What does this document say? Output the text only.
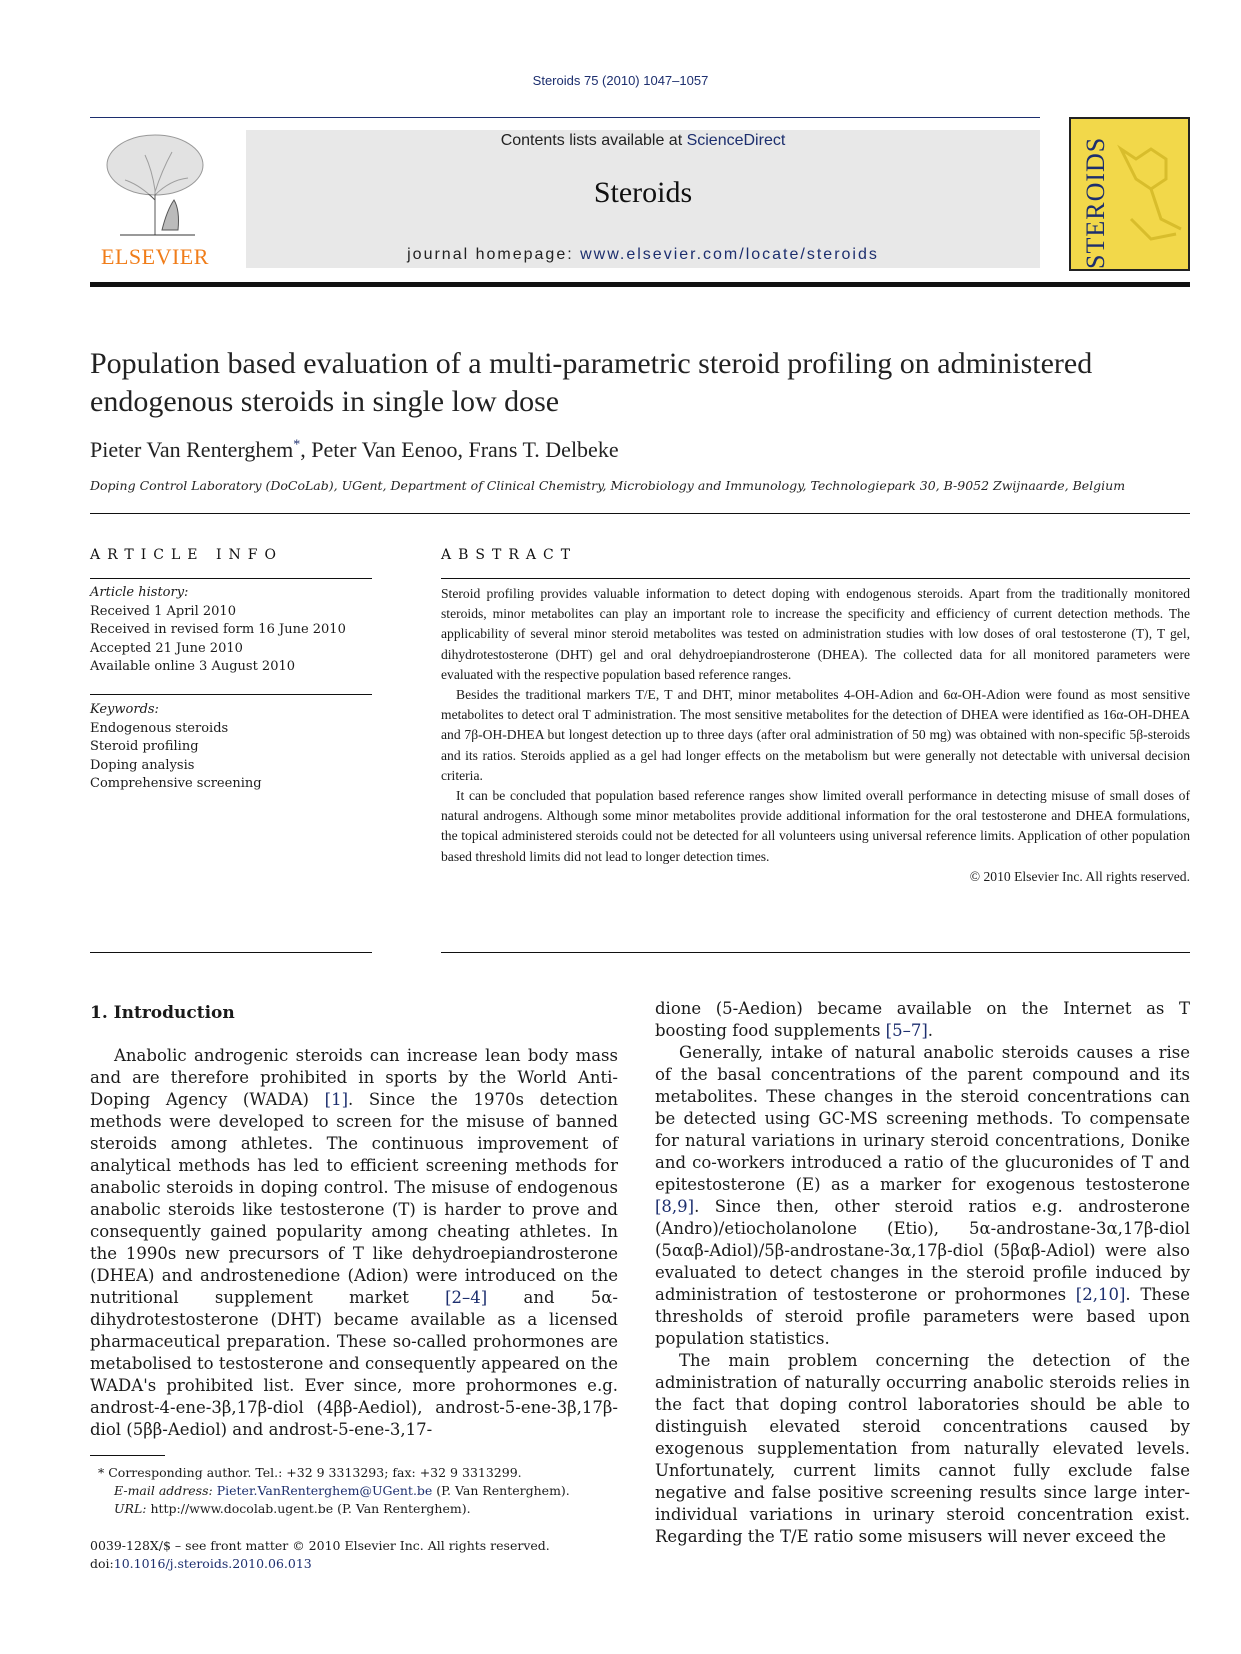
Steroids 75 (2010) 1047–1057
ELSEVIER
Contents lists available at ScienceDirect
Steroids
journal homepage: www.elsevier.com/locate/steroids	STEROIDS
Population based evaluation of a multi-parametric steroid profiling on administered endogenous steroids in single low dose
Pieter Van Renterghem*, Peter Van Eenoo, Frans T. Delbeke
Doping Control Laboratory (DoCoLab), UGent, Department of Clinical Chemistry, Microbiology and Immunology, Technologiepark 30, B-9052 Zwijnaarde, Belgium
ARTICLE INFO	ABSTRACT
Article history:
Received 1 April 2010
Received in revised form 16 June 2010
Accepted 21 June 2010
Available online 3 August 2010
Keywords:
Endogenous steroids
Steroid profiling
Doping analysis
Comprehensive screening

Steroid profiling provides valuable information to detect doping with endogenous steroids. Apart from the traditionally monitored steroids, minor metabolites can play an important role to increase the specificity and efficiency of current detection methods. The applicability of several minor steroid metabolites was tested on administration studies with low doses of oral testosterone (T), T gel, dihydrotestosterone (DHT) gel and oral dehydroepiandrosterone (DHEA). The collected data for all monitored parameters were evaluated with the respective population based reference ranges.

Besides the traditional markers T/E, T and DHT, minor metabolites 4-OH-Adion and 6α-OH-Adion were found as most sensitive metabolites to detect oral T administration. The most sensitive metabolites for the detection of DHEA were identified as 16α-OH-DHEA and 7β-OH-DHEA but longest detection up to three days (after oral administration of 50 mg) was obtained with non-specific 5β-steroids and its ratios. Steroids applied as a gel had longer effects on the metabolism but were generally not detectable with universal decision criteria.

It can be concluded that population based reference ranges show limited overall performance in detecting misuse of small doses of natural androgens. Although some minor metabolites provide additional information for the oral testosterone and DHEA formulations, the topical administered steroids could not be detected for all volunteers using universal reference limits. Application of other population based threshold limits did not lead to longer detection times.

© 2010 Elsevier Inc. All rights reserved.

1. Introduction

Anabolic androgenic steroids can increase lean body mass and are therefore prohibited in sports by the World Anti-Doping Agency (WADA) [1]. Since the 1970s detection methods were developed to screen for the misuse of banned steroids among athletes. The continuous improvement of analytical methods has led to efficient screening methods for anabolic steroids in doping control. The misuse of endogenous anabolic steroids like testosterone (T) is harder to prove and consequently gained popularity among cheating athletes. In the 1990s new precursors of T like dehydroepiandrosterone (DHEA) and androstenedione (Adion) were introduced on the nutritional supplement market [2–4] and 5α-dihydrotestosterone (DHT) became available as a licensed pharmaceutical preparation. These so-called prohormones are metabolised to testosterone and consequently appeared on the WADA's prohibited list. Ever since, more prohormones e.g. androst-4-ene-3β,17β-diol (4ββ-Aediol), androst-5-ene-3β,17β-diol (5ββ-Aediol) and androst-5-ene-3,17-

dione (5-Aedion) became available on the Internet as T boosting food supplements [5–7].

Generally, intake of natural anabolic steroids causes a rise of the basal concentrations of the parent compound and its metabolites. These changes in the steroid concentrations can be detected using GC-MS screening methods. To compensate for natural variations in urinary steroid concentrations, Donike and co-workers introduced a ratio of the glucuronides of T and epitestosterone (E) as a marker for exogenous testosterone [8,9]. Since then, other steroid ratios e.g. androsterone (Andro)/etiocholanolone (Etio), 5α-androstane-3α,17β-diol (5ααβ-Adiol)/5β-androstane-3α,17β-diol (5βαβ-Adiol) were also evaluated to detect changes in the steroid profile induced by administration of testosterone or prohormones [2,10]. These thresholds of steroid profile parameters were based upon population statistics.

The main problem concerning the detection of the administration of naturally occurring anabolic steroids relies in the fact that doping control laboratories should be able to distinguish elevated steroid concentrations caused by exogenous supplementation from naturally elevated levels. Unfortunately, current limits cannot fully exclude false negative and false positive screening results since large inter-individual variations in urinary steroid concentration exist. Regarding the T/E ratio some misusers will never exceed the

* Corresponding author. Tel.: +32 9 3313293; fax: +32 9 3313299.
E-mail address: Pieter.VanRenterghem@UGent.be (P. Van Renterghem).
URL: http://www.docolab.ugent.be (P. Van Renterghem).
0039-128X/$ – see front matter © 2010 Elsevier Inc. All rights reserved.
doi:10.1016/j.steroids.2010.06.013
